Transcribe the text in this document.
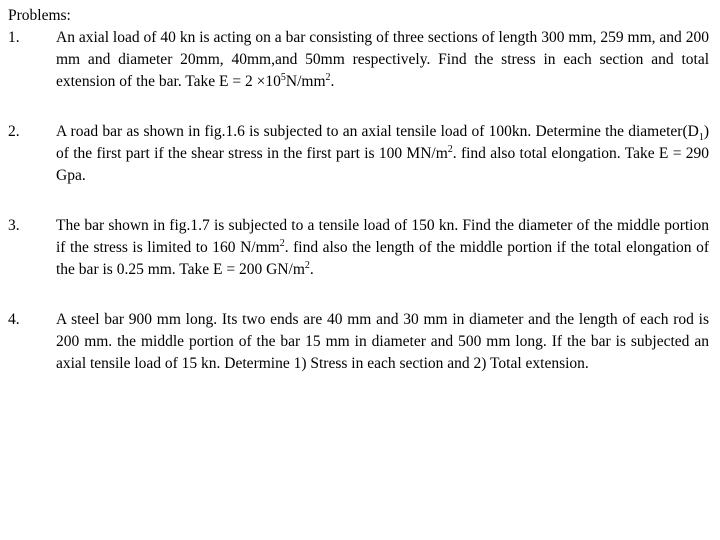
Problems:
1.	An axial load of 40 kn is acting on a bar consisting of three sections of length 300 mm, 259 mm, and 200 mm and diameter 20mm, 40mm,and 50mm respectively. Find the stress in each section and total extension of the bar. Take $E = 2 \times 10^5N/mm^2$.
2.	A road bar as shown in fig.1.6 is subjected to an axial tensile load of 100kn. Determine the $diameter(D_1)$ of the first part if the shear stress in the first part is 100 $MN/m^2$. find also total elongation. Take E = 290 Gpa.
3.	The bar shown in fig.1.7 is subjected to a tensile load of 150 kn. Find the diameter of the middle portion if the stress is limited to 160 $N/mm^2$. find also the length of the middle portion if the total elongation of the bar is 0.25 mm. Take E = 200 $GN/m^2$.
4.	A steel bar 900 mm long. Its two ends are 40 mm and 30 mm in diameter and the length of each rod is 200 mm. the middle portion of the bar 15 mm in diameter and 500 mm long. If the bar is subjected an axial tensile load of 15 kn. Determine 1) Stress in each section and 2) Total extension.
